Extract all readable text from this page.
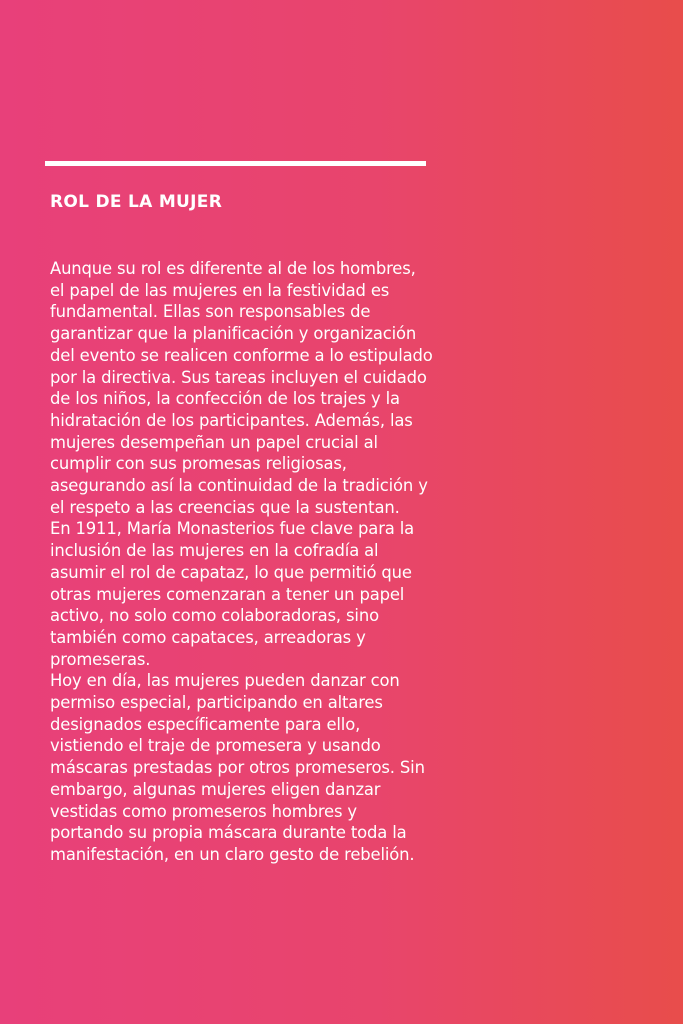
ROL DE LA MUJER

Aunque su rol es diferente al de los hombres, el papel de las mujeres en la festividad es fundamental. Ellas son responsables de garantizar que la planificación y organización del evento se realicen conforme a lo estipulado por la directiva. Sus tareas incluyen el cuidado de los niños, la confección de los trajes y la hidratación de los participantes. Además, las mujeres desempeñan un papel crucial al cumplir con sus promesas religiosas, asegurando así la continuidad de la tradición y el respeto a las creencias que la sustentan.

En 1911, María Monasterios fue clave para la inclusión de las mujeres en la cofradía al asumir el rol de capataz, lo que permitió que otras mujeres comenzaran a tener un papel activo, no solo como colaboradoras, sino también como capataces, arreadoras y promeseras.

Hoy en día, las mujeres pueden danzar con permiso especial, participando en altares designados específicamente para ello, vistiendo el traje de promesera y usando máscaras prestadas por otros promeseros. Sin embargo, algunas mujeres eligen danzar vestidas como promeseros hombres y portando su propia máscara durante toda la manifestación, en un claro gesto de rebelión.
